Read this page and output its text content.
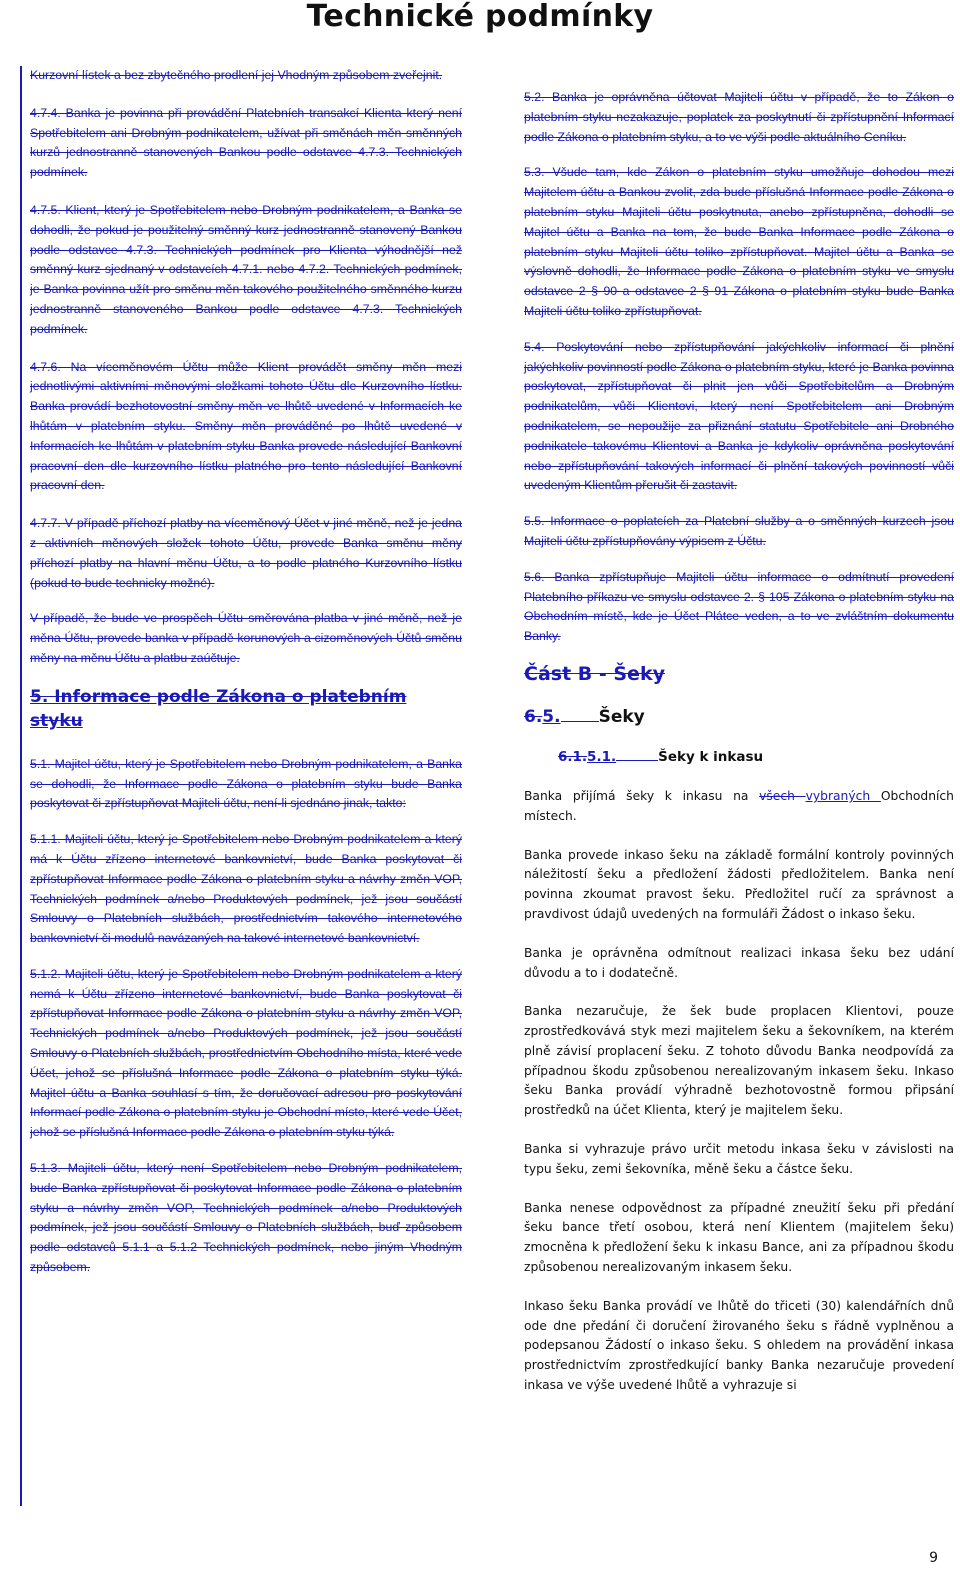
Technické podmínky

Kurzovní lístek a bez zbytečného prodlení jej Vhodným způsobem zveřejnit.

4.7.4. Banka je povinna při provádění Platebních transakcí Klienta který není Spotřebitelem ani Drobným podnikatelem, užívat při směnách měn směnných kurzů jednostranně stanovených Bankou podle odstavce 4.7.3. Technických podmínek.

4.7.5. Klient, který je Spotřebitelem nebo Drobným podnikatelem, a Banka se dohodli, že pokud je použitelný směnný kurz jednostranně stanovený Bankou podle odstavce 4.7.3. Technických podmínek pro Klienta výhodnější než směnný kurz sjednaný v odstavcích 4.7.1. nebo 4.7.2. Technických podmínek, je Banka povinna užít pro směnu měn takového použitelného směnného kurzu jednostranně stanoveného Bankou podle odstavce 4.7.3. Technických podmínek.

4.7.6. Na víceměnovém Účtu může Klient provádět směny měn mezi jednotlivými aktivními měnovými složkami tohoto Účtu dle Kurzovního lístku. Banka provádí bezhotovostní směny měn ve lhůtě uvedené v Informacích ke lhůtám v platebním styku. Směny měn prováděné po lhůtě uvedené v Informacích ke lhůtám v platebním styku Banka provede následující Bankovní pracovní den dle kurzovního lístku platného pro tento následující Bankovní pracovní den.

4.7.7. V případě příchozí platby na víceměnový Účet v jiné měně, než je jedna z aktivních měnových složek tohoto Účtu, provede Banka směnu měny příchozí platby na hlavní měnu Účtu, a to podle platného Kurzovního lístku (pokud to bude technicky možné).

V případě, že bude ve prospěch Účtu směrována platba v jiné měně, než je měna Účtu, provede banka v případě korunových a cizoměnových Účtů směnu měny na měnu Účtu a platbu zaúčtuje.

5. Informace podle Zákona o platebním styku

5.1. Majitel účtu, který je Spotřebitelem nebo Drobným podnikatelem, a Banka se dohodli, že Informace podle Zákona o platebním styku bude Banka poskytovat či zpřístupňovat Majiteli účtu, není-li sjednáno jinak, takto:

5.1.1. Majiteli účtu, který je Spotřebitelem nebo Drobným podnikatelem a který má k Účtu zřízeno internetové bankovnictví, bude Banka poskytovat či zpřístupňovat Informace podle Zákona o platebním styku a návrhy změn VOP, Technických podmínek a/nebo Produktových podmínek, jež jsou součástí Smlouvy o Platebních službách, prostřednictvím takového internetového bankovnictví či modulů navázaných na takové internetové bankovnictví.

5.1.2. Majiteli účtu, který je Spotřebitelem nebo Drobným podnikatelem a který nemá k Účtu zřízeno internetové bankovnictví, bude Banka poskytovat či zpřístupňovat Informace podle Zákona o platebním styku a návrhy změn VOP, Technických podmínek a/nebo Produktových podmínek, jež jsou součástí Smlouvy o Platebních službách, prostřednictvím Obchodního místa, které vede Účet, jehož se příslušná Informace podle Zákona o platebním styku týká. Majitel účtu a Banka souhlasí s tím, že doručovací adresou pro poskytování Informací podle Zákona o platebním styku je Obchodní místo, které vede Účet, jehož se příslušná Informace podle Zákona o platebním styku týká.

5.1.3. Majiteli účtu, který není Spotřebitelem nebo Drobným podnikatelem, bude Banka zpřístupňovat či poskytovat Informace podle Zákona o platebním styku a návrhy změn VOP, Technických podmínek a/nebo Produktových podmínek, jež jsou součástí Smlouvy o Platebních službách, buď způsobem podle odstavců 5.1.1 a 5.1.2 Technických podmínek, nebo jiným Vhodným způsobem.

5.2. Banka je oprávněna účtovat Majiteli účtu v případě, že to Zákon o platebním styku nezakazuje, poplatek za poskytnutí či zpřístupnění Informací podle Zákona o platebním styku, a to ve výši podle aktuálního Ceníku.

5.3. Všude tam, kde Zákon o platebním styku umožňuje dohodou mezi Majitelem účtu a Bankou zvolit, zda bude příslušná Informace podle Zákona o platebním styku Majiteli účtu poskytnuta, anebo zpřístupněna, dohodli se Majitel účtu a Banka na tom, že bude Banka Informace podle Zákona o platebním styku Majiteli účtu toliko zpřístupňovat. Majitel účtu a Banka se výslovně dohodli, že Informace podle Zákona o platebním styku ve smyslu odstavce 2 § 90 a odstavce 2 § 91 Zákona o platebním styku bude Banka Majiteli účtu toliko zpřístupňovat.

5.4. Poskytování nebo zpřístupňování jakýchkoliv informací či plnění jakýchkoliv povinností podle Zákona o platebním styku, které je Banka povinna poskytovat, zpřístupňovat či plnit jen vůči Spotřebitelům a Drobným podnikatelům, vůči Klientovi, který není Spotřebitelem ani Drobným podnikatelem, se nepoužije za přiznání statutu Spotřebitele ani Drobného podnikatele takovému Klientovi a Banka je kdykoliv oprávněna poskytování nebo zpřístupňování takových informací či plnění takových povinností vůči uvedeným Klientům přerušit či zastavit.

5.5. Informace o poplatcích za Platební služby a o směnných kurzech jsou Majiteli účtu zpřístupňovány výpisem z Účtu.

5.6. Banka zpřístupňuje Majiteli účtu informace o odmítnutí provedení Platebního příkazu ve smyslu odstavce 2. § 105 Zákona o platebním styku na Obchodním místě, kde je Účet Plátce veden, a to ve zvláštním dokumentu Banky.

Část B - Šeky
6.5. Šeky
6.1.5.1.	Šeky k inkasu

Banka přijímá šeky k inkasu na všech vybraných Obchodních místech.

Banka provede inkaso šeku na základě formální kontroly povinných náležitostí šeku a předložení žádosti předložitelem. Banka není povinna zkoumat pravost šeku. Předložitel ručí za správnost a pravdivost údajů uvedených na formuláři Žádost o inkaso šeku.

Banka je oprávněna odmítnout realizaci inkasa šeku bez udání důvodu a to i dodatečně.

Banka nezaručuje, že šek bude proplacen Klientovi, pouze zprostředkovává styk mezi majitelem šeku a šekovníkem, na kterém plně závisí proplacení šeku. Z tohoto důvodu Banka neodpovídá za případnou škodu způsobenou nerealizovaným inkasem šeku. Inkaso šeku Banka provádí výhradně bezhotovostně formou připsání prostředků na účet Klienta, který je majitelem šeku.

Banka si vyhrazuje právo určit metodu inkasa šeku v závislosti na typu šeku, zemi šekovníka, měně šeku a částce šeku.

Banka nenese odpovědnost za případné zneužití šeku při předání šeku bance třetí osobou, která není Klientem (majitelem šeku) zmocněna k předložení šeku k inkasu Bance, ani za případnou škodu způsobenou nerealizovaným inkasem šeku.

Inkaso šeku Banka provádí ve lhůtě do třiceti (30) kalendářních dnů ode dne předání či doručení žirovaného šeku s řádně vyplněnou a podepsanou Žádostí o inkaso šeku. S ohledem na provádění inkasa prostřednictvím zprostředkující banky Banka nezaručuje provedení inkasa ve výše uvedené lhůtě a vyhrazuje si

9
